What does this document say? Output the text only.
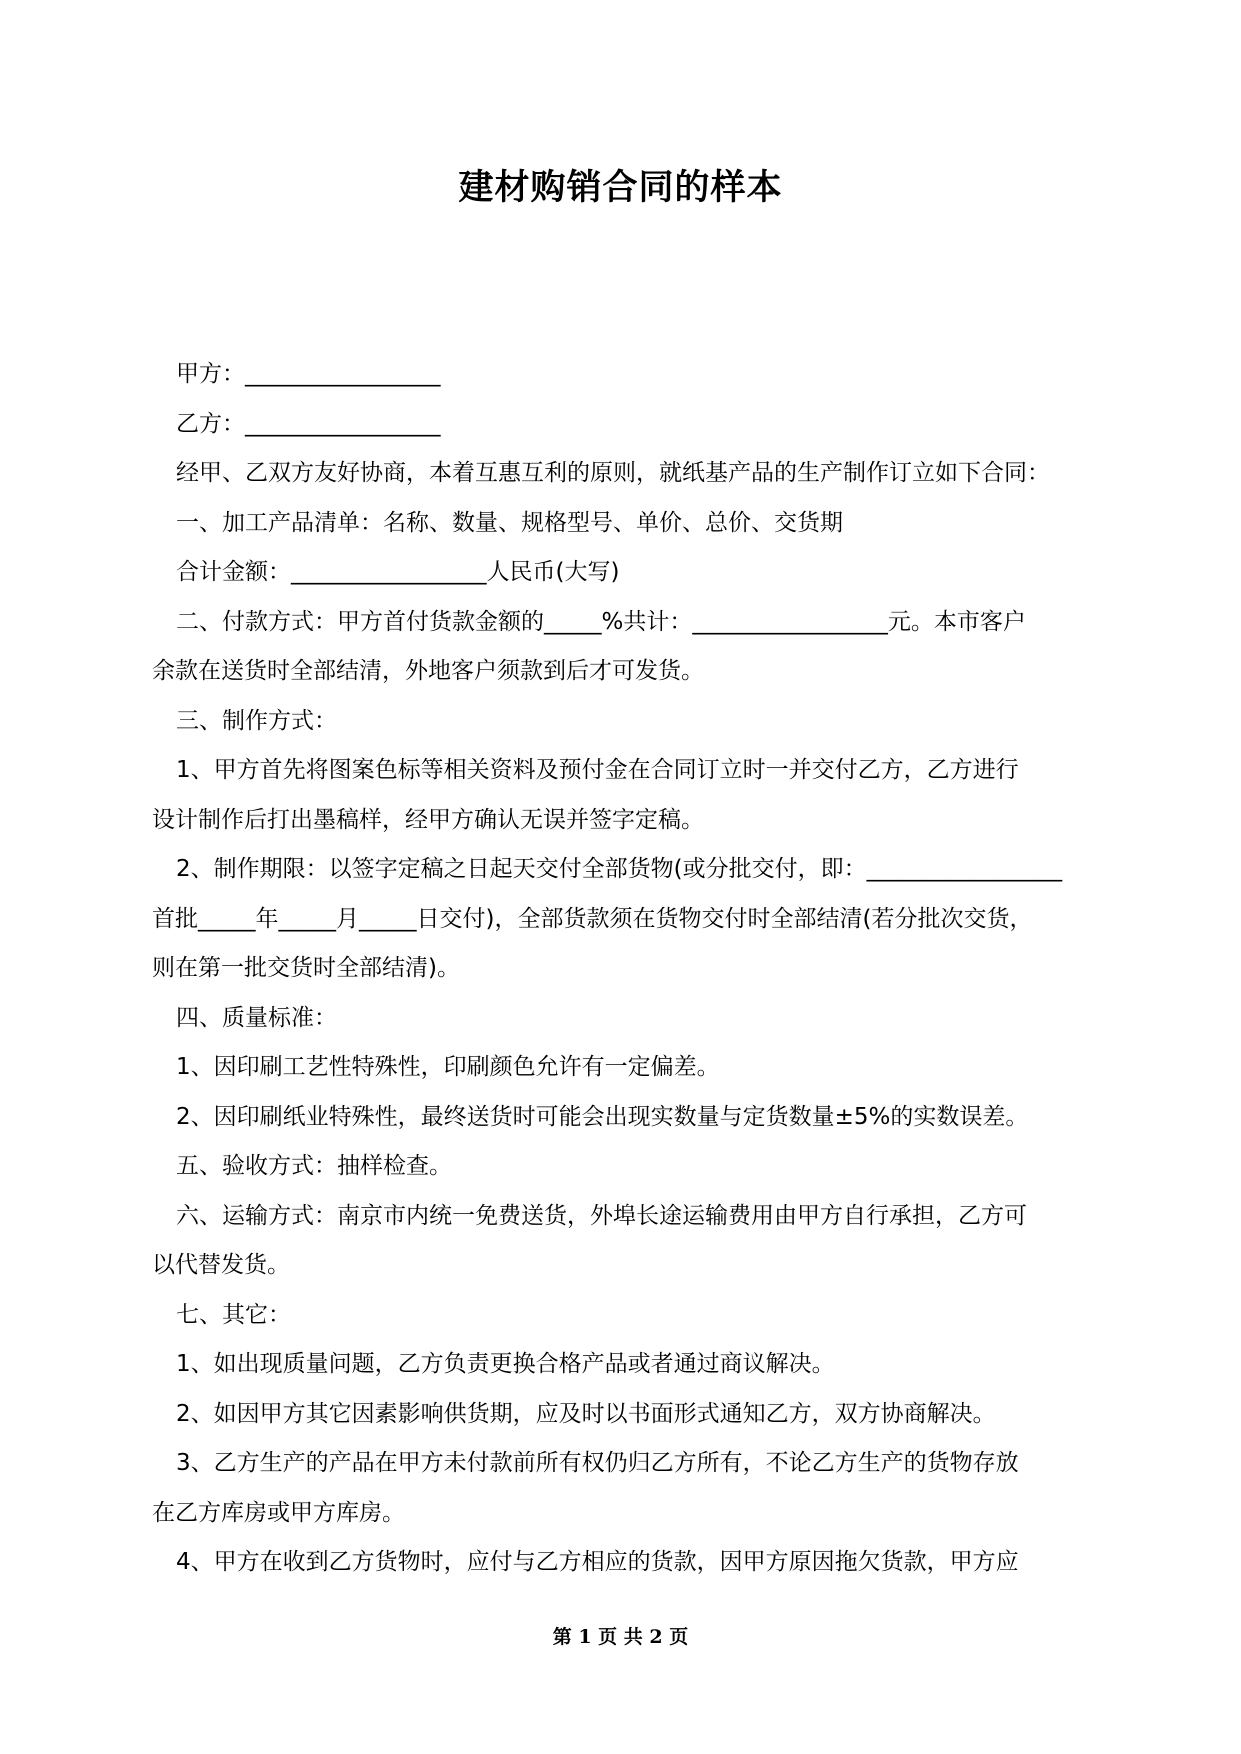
建材购销合同的样本

甲方：_________________

乙方：_________________

经甲、乙双方友好协商，本着互惠互利的原则，就纸基产品的生产制作订立如下合同：

一、加工产品清单：名称、数量、规格型号、单价、总价、交货期

合计金额：_________________人民币(大写)

二、付款方式：甲方首付货款金额的_____%共计：_________________元。本市客户

余款在送货时全部结清，外地客户须款到后才可发货。

三、制作方式：

1、甲方首先将图案色标等相关资料及预付金在合同订立时一并交付乙方，乙方进行

设计制作后打出墨稿样，经甲方确认无误并签字定稿。

2、制作期限：以签字定稿之日起天交付全部货物(或分批交付，即：_________________

首批_____年_____月_____日交付)，全部货款须在货物交付时全部结清(若分批次交货，

则在第一批交货时全部结清)。

四、质量标准：

1、因印刷工艺性特殊性，印刷颜色允许有一定偏差。

2、因印刷纸业特殊性，最终送货时可能会出现实数量与定货数量±5%的实数误差。

五、验收方式：抽样检查。

六、运输方式：南京市内统一免费送货，外埠长途运输费用由甲方自行承担，乙方可

以代替发货。

七、其它：

1、如出现质量问题，乙方负责更换合格产品或者通过商议解决。

2、如因甲方其它因素影响供货期，应及时以书面形式通知乙方，双方协商解决。

3、乙方生产的产品在甲方未付款前所有权仍归乙方所有，不论乙方生产的货物存放

在乙方库房或甲方库房。

4、甲方在收到乙方货物时，应付与乙方相应的货款，因甲方原因拖欠货款，甲方应

第 1 页 共 2 页
